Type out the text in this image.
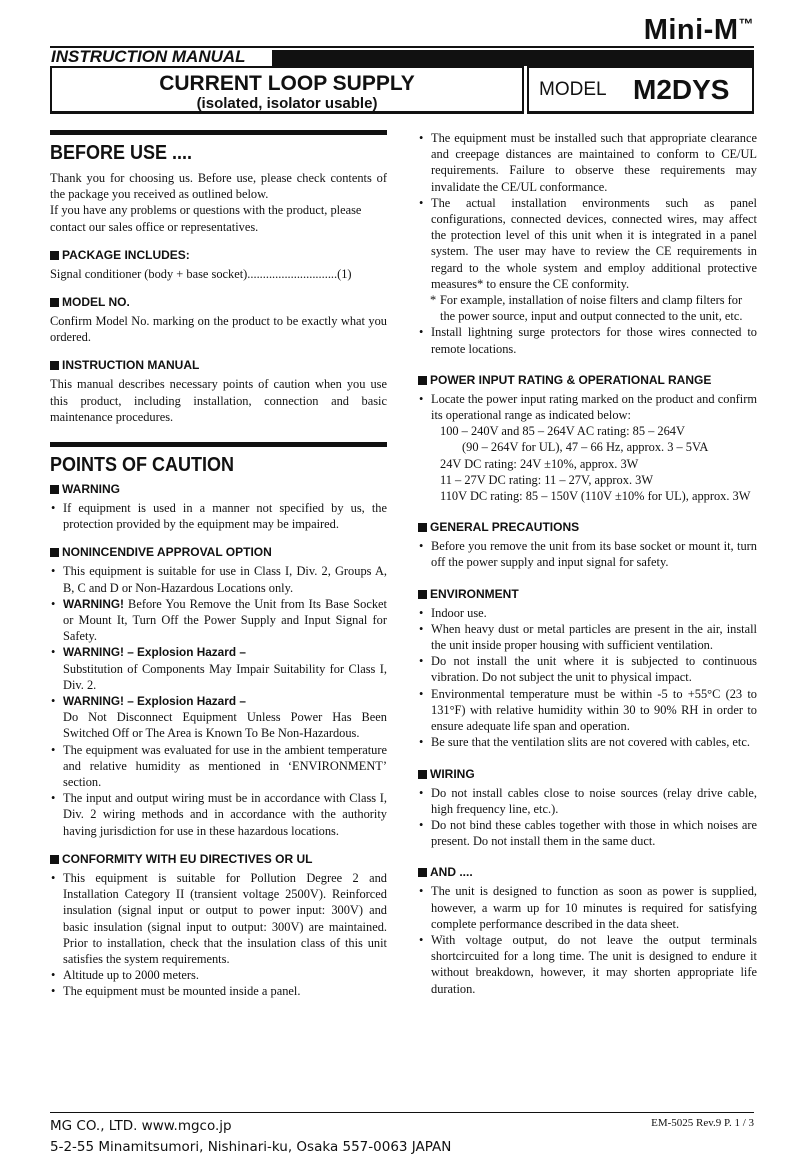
Mini-M™
INSTRUCTION MANUAL
CURRENT LOOP SUPPLY
(isolated, isolator usable)
MODEL M2DYS
BEFORE USE ....

Thank you for choosing us. Before use, please check contents of the package you received as outlined below.

If you have any problems or questions with the product, please contact our sales office or representatives.

PACKAGE INCLUDES:

Signal conditioner (body + base socket).............................(1)

MODEL NO.

Confirm Model No. marking on the product to be exactly what you ordered.

INSTRUCTION MANUAL

This manual describes necessary points of caution when you use this product, including installation, connection and basic maintenance procedures.

POINTS OF CAUTION
WARNING
• If equipment is used in a manner not specified by us, the protection provided by the equipment may be impaired.
NONINCENDIVE APPROVAL OPTION
• This equipment is suitable for use in Class I, Div. 2, Groups A, B, C and D or Non-Hazardous Locations only.
• WARNING! Before You Remove the Unit from Its Base Socket or Mount It, Turn Off the Power Supply and Input Signal for Safety.
• WARNING! – Explosion Hazard –
Substitution of Components May Impair Suitability for Class I, Div. 2.
• WARNING! – Explosion Hazard –
Do Not Disconnect Equipment Unless Power Has Been Switched Off or The Area is Known To Be Non-Hazardous.
• The equipment was evaluated for use in the ambient temperature and relative humidity as mentioned in ‘ENVIRONMENT’ section.
• The input and output wiring must be in accordance with Class I, Div. 2 wiring methods and in accordance with the authority having jurisdiction for use in these hazardous locations.
CONFORMITY WITH EU DIRECTIVES OR UL
• This equipment is suitable for Pollution Degree 2 and Installation Category II (transient voltage 2500V). Reinforced insulation (signal input or output to power input: 300V) and basic insulation (signal input to output: 300V) are maintained. Prior to installation, check that the insulation class of this unit satisfies the system requirements.
• Altitude up to 2000 meters.
• The equipment must be mounted inside a panel.
• The equipment must be installed such that appropriate clearance and creepage distances are maintained to conform to CE/UL requirements. Failure to observe these requirements may invalidate the CE/UL conformance.
• The actual installation environments such as panel configurations, connected devices, connected wires, may affect the protection level of this unit when it is integrated in a panel system. The user may have to review the CE requirements in regard to the whole system and employ additional protective measures* to ensure the CE conformity.
* For example, installation of noise filters and clamp filters for the power source, input and output connected to the unit, etc.
• Install lightning surge protectors for those wires connected to remote locations.
POWER INPUT RATING & OPERATIONAL RANGE
• Locate the power input rating marked on the product and confirm its operational range as indicated below:

100 – 240V and 85 – 264V AC rating: 85 – 264V

(90 – 264V for UL), 47 – 66 Hz, approx. 3 – 5VA

24V DC rating: 24V ±10%, approx. 3W

11 – 27V DC rating: 11 – 27V, approx. 3W

110V DC rating: 85 – 150V (110V ±10% for UL), approx. 3W

GENERAL PRECAUTIONS
• Before you remove the unit from its base socket or mount it, turn off the power supply and input signal for safety.
ENVIRONMENT
• Indoor use.
• When heavy dust or metal particles are present in the air, install the unit inside proper housing with sufficient ventilation.
• Do not install the unit where it is subjected to continuous vibration. Do not subject the unit to physical impact.
• Environmental temperature must be within -5 to +55°C (23 to 131°F) with relative humidity within 30 to 90% RH in order to ensure adequate life span and operation.
• Be sure that the ventilation slits are not covered with cables, etc.
WIRING
• Do not install cables close to noise sources (relay drive cable, high frequency line, etc.).
• Do not bind these cables together with those in which noises are present. Do not install them in the same duct.
AND ....
• The unit is designed to function as soon as power is supplied, however, a warm up for 10 minutes is required for satisfying complete performance described in the data sheet.
• With voltage output, do not leave the output terminals shortcircuited for a long time. The unit is designed to endure it without breakdown, however, it may shorten appropriate life duration.
MG CO., LTD. www.mgco.jp
5-2-55 Minamitsumori, Nishinari-ku, Osaka 557-0063 JAPAN
EM-5025 Rev.9 P. 1 / 3
